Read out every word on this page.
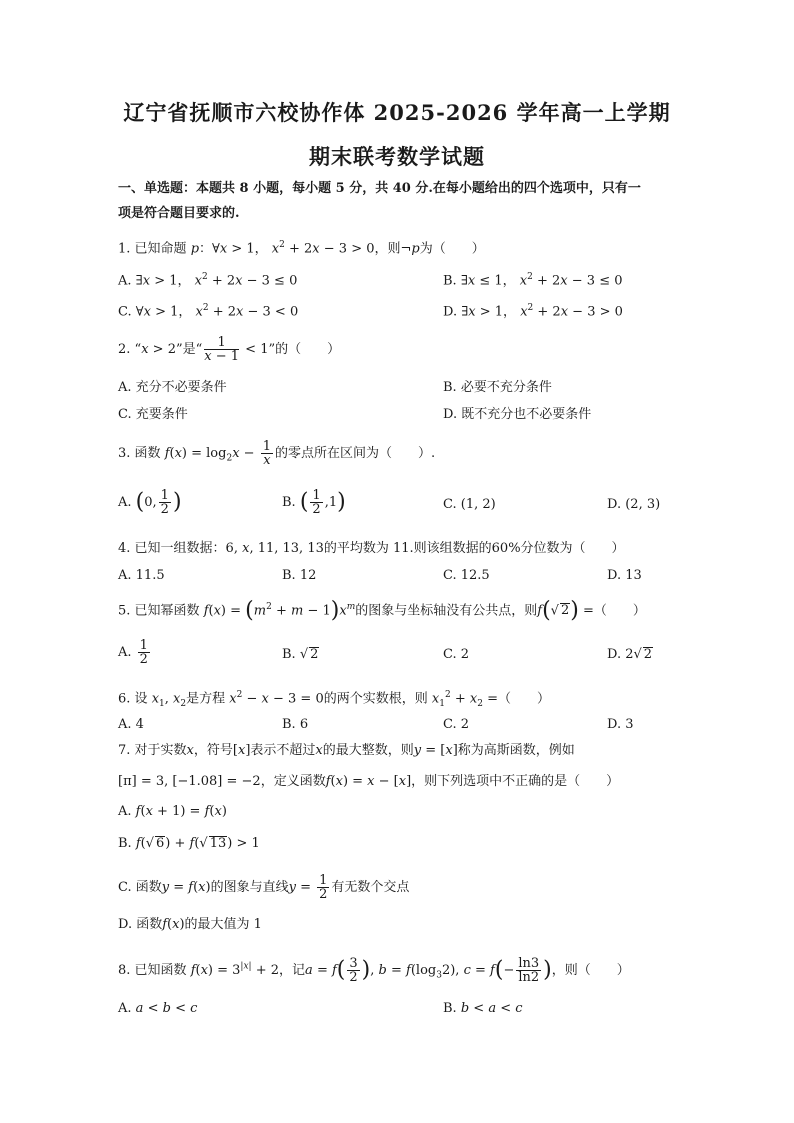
辽宁省抚顺市六校协作体 2025-2026 学年高一上学期
期末联考数学试题
一、单选题：本题共 8 小题，每小题 5 分，共 40 分.在每小题给出的四个选项中，只有一
项是符合题目要求的.
1. 已知命题 p：∀x > 1， $x^2 + 2x - 3 > 0$，则¬p为（　　）
A. ∃x > 1， $x^2 + 2x - 3 \le 0$	B. ∃x ≤ 1， $x^2 + 2x - 3 \le 0$
C. ∀x > 1， $x^2 + 2x - 3 < 0$	D. ∃x > 1， $x^2 + 2x - 3 > 0$
2. “x > 2”是“ $\frac{1}{x - 1} < 1$”的（　　）
A. 充分不必要条件	B. 必要不充分条件
C. 充要条件	D. 既不充分也不必要条件
3. 函数 $f(x) = \log_2x - \frac{1}{x}$ 的零点所在区间为（　　）.
A. (0, $\frac{1}{2}$ )	B. ( $\frac{1}{2} ,1$)	C. (1, 2)	D. (2, 3)
4. 已知一组数据：6, x, 11, 13, 13的平均数为 11.则该组数据的60%分位数为（　　）
A. 11.5	B. 12	C. 12.5	D. 13
5. 已知幂函数 $f(x) = (m^2 + m - 1)x^m$的图象与坐标轴没有公共点，则f(√ 2) =（　　）
A. $\frac{1}{2}$	B. √ 2	C. 2	D. 2√ 2
6. 设 $x_1$, $x_2$是方程 $x^2 - x - 3 = 0$的两个实数根，则 $x_1^2 + x_2$ =（　　）
A. 4	B. 6	C. 2	D. 3
7. 对于实数x，符号[x]表示不超过x的最大整数，则y = [x]称为高斯函数，例如
[π] = 3, [−1.08] = −2，定义函数f(x) = x − [x]，则下列选项中不正确的是（　　）
A. f(x + 1) = f(x)
B. f(√ 6) + f(√ 13) > 1
C. 函数y = f(x)的图象与直线$y = \frac{1}{2}$ 有无数个交点
D. 函数f(x)的最大值为 1
8. 已知函数 $f(x) = 3^{|x|} + 2$，记$a = f( \frac{3}{2}$ ), $b = f(\log_32)$, $c = f(- \frac{\ln 3}{\ln 2}$ )，则（　　）
A. a < b < c	B. b < a < c
